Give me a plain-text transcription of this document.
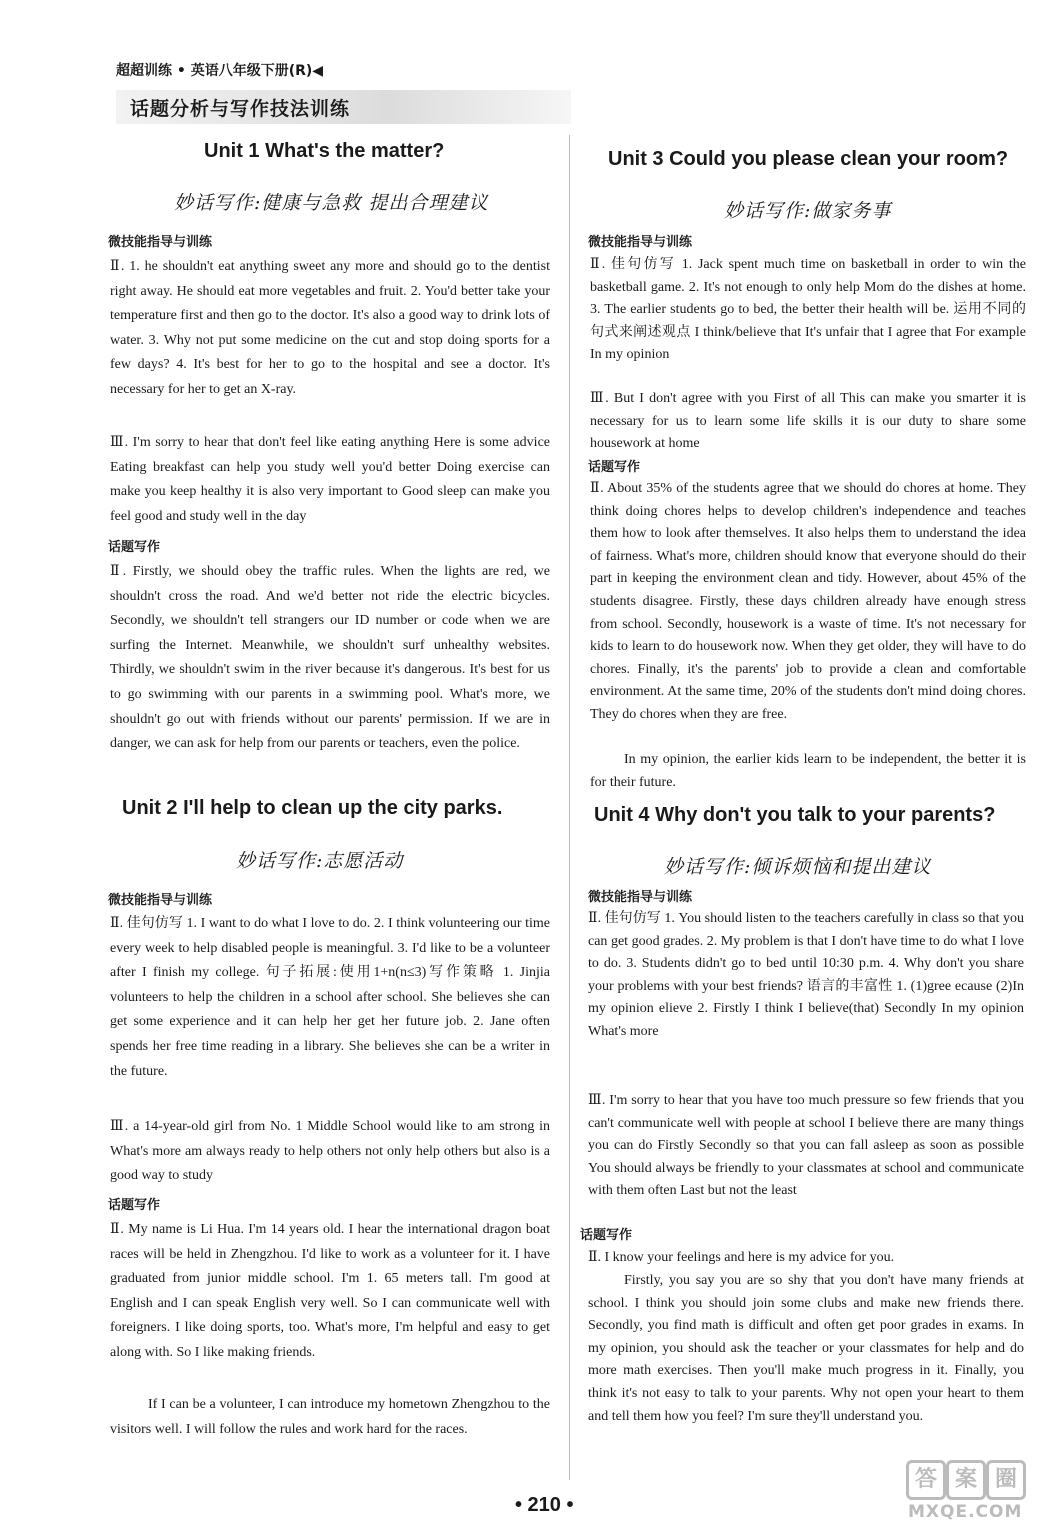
超超训练 • 英语八年级下册(R)◀
话题分析与写作技法训练
Unit 1 What's the matter?
妙话写作:健康与急救 提出合理建议
微技能指导与训练
Ⅱ. 1. he shouldn't eat anything sweet any more and should go to the dentist right away. He should eat more vegetables and fruit. 2. You'd better take your temperature first and then go to the doctor. It's also a good way to drink lots of water. 3. Why not put some medicine on the cut and stop doing sports for a few days? 4. It's best for her to go to the hospital and see a doctor. It's necessary for her to get an X-ray.
Ⅲ. I'm sorry to hear that don't feel like eating anything Here is some advice Eating breakfast can help you study well you'd better Doing exercise can make you keep healthy it is also very important to Good sleep can make you feel good and study well in the day
话题写作
Ⅱ. Firstly, we should obey the traffic rules. When the lights are red, we shouldn't cross the road. And we'd better not ride the electric bicycles. Secondly, we shouldn't tell strangers our ID number or code when we are surfing the Internet. Meanwhile, we shouldn't surf unhealthy websites. Thirdly, we shouldn't swim in the river because it's dangerous. It's best for us to go swimming with our parents in a swimming pool. What's more, we shouldn't go out with friends without our parents' permission. If we are in danger, we can ask for help from our parents or teachers, even the police.
Unit 2 I'll help to clean up the city parks.
妙话写作:志愿活动
微技能指导与训练
Ⅱ. 佳句仿写 1. I want to do what I love to do. 2. I think volunteering our time every week to help disabled people is meaningful. 3. I'd like to be a volunteer after I finish my college. 句子拓展:使用1+n(n≤3)写作策略 1. Jinjia volunteers to help the children in a school after school. She believes she can get some experience and it can help her get her future job. 2. Jane often spends her free time reading in a library. She believes she can be a writer in the future.
Ⅲ. a 14-year-old girl from No. 1 Middle School would like to am strong in What's more am always ready to help others not only help others but also is a good way to study
话题写作
Ⅱ. My name is Li Hua. I'm 14 years old. I hear the international dragon boat races will be held in Zhengzhou. I'd like to work as a volunteer for it. I have graduated from junior middle school. I'm 1. 65 meters tall. I'm good at English and I can speak English very well. So I can communicate well with foreigners. I like doing sports, too. What's more, I'm helpful and easy to get along with. So I like making friends.
If I can be a volunteer, I can introduce my hometown Zhengzhou to the visitors well. I will follow the rules and work hard for the races.
Unit 3 Could you please clean your room?
妙话写作:做家务事
微技能指导与训练
Ⅱ. 佳句仿写 1. Jack spent much time on basketball in order to win the basketball game. 2. It's not enough to only help Mom do the dishes at home. 3. The earlier students go to bed, the better their health will be. 运用不同的句式来阐述观点 I think/believe that It's unfair that I agree that For example In my opinion
Ⅲ. But I don't agree with you First of all This can make you smarter it is necessary for us to learn some life skills it is our duty to share some housework at home
话题写作
Ⅱ. About 35% of the students agree that we should do chores at home. They think doing chores helps to develop children's independence and teaches them how to look after themselves. It also helps them to understand the idea of fairness. What's more, children should know that everyone should do their part in keeping the environment clean and tidy. However, about 45% of the students disagree. Firstly, these days children already have enough stress from school. Secondly, housework is a waste of time. It's not necessary for kids to learn to do housework now. When they get older, they will have to do chores. Finally, it's the parents' job to provide a clean and comfortable environment. At the same time, 20% of the students don't mind doing chores. They do chores when they are free.
In my opinion, the earlier kids learn to be independent, the better it is for their future.
Unit 4 Why don't you talk to your parents?
妙话写作:倾诉烦恼和提出建议
微技能指导与训练
Ⅱ. 佳句仿写 1. You should listen to the teachers carefully in class so that you can get good grades. 2. My problem is that I don't have time to do what I love to do. 3. Students didn't go to bed until 10:30 p.m. 4. Why don't you share your problems with your best friends? 语言的丰富性 1. (1)gree ecause (2)In my opinion elieve 2. Firstly I think I believe(that) Secondly In my opinion What's more
Ⅲ. I'm sorry to hear that you have too much pressure so few friends that you can't communicate well with people at school I believe there are many things you can do Firstly Secondly so that you can fall asleep as soon as possible You should always be friendly to your classmates at school and communicate with them often Last but not the least
话题写作
Ⅱ. I know your feelings and here is my advice for you.
Firstly, you say you are so shy that you don't have many friends at school. I think you should join some clubs and make new friends there. Secondly, you find math is difficult and often get poor grades in exams. In my opinion, you should ask the teacher or your classmates for help and do more math exercises. Then you'll make much progress in it. Finally, you think it's not easy to talk to your parents. Why not open your heart to them and tell them how you feel? I'm sure they'll understand you.
• 210 •
答 案 圈
MXQE.COM
